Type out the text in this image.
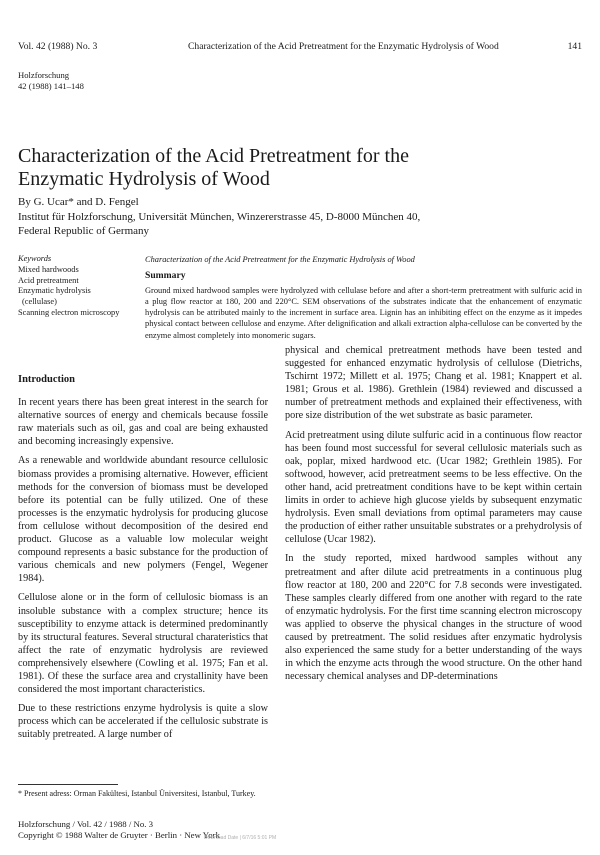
Vol. 42 (1988) No. 3	Characterization of the Acid Pretreatment for the Enzymatic Hydrolysis of Wood	141
Holzforschung
42 (1988) 141–148
Characterization of the Acid Pretreatment for the
Enzymatic Hydrolysis of Wood
By G. Ucar* and D. Fengel
Institut für Holzforschung, Universität München, Winzererstrasse 45, D-8000 München 40,
Federal Republic of Germany
Keywords
Mixed hardwoods
Acid pretreatment
Enzymatic hydrolysis
(cellulase)
Scanning electron microscopy
Characterization of the Acid Pretreatment for the Enzymatic Hydrolysis of Wood
Summary
Ground mixed hardwood samples were hydrolyzed with cellulase before and after a short-term pretreatment with sulfuric acid in a plug flow reactor at 180, 200 and 220°C. SEM observations of the substrates indicate that the enhancement of enzymatic hydrolysis can be attributed mainly to the increment in surface area. Lignin has an inhibiting effect on the enzyme as it impedes physical contact between cellulose and enzyme. After delignification and alkali extraction alpha-cellulose can be converted by the enzyme almost completely into monomeric sugars.
Introduction

In recent years there has been great interest in the search for alternative sources of energy and chemicals because fossile raw materials such as oil, gas and coal are being exhausted and becoming increasingly expensive.

As a renewable and worldwide abundant resource cellulosic biomass provides a promising alternative. However, efficient methods for the conversion of biomass must be developed before its potential can be fully utilized. One of these processes is the enzymatic hydrolysis for producing glucose from cellulose without decomposition of the desired end product. Glucose as a valuable low molecular weight compound represents a basic substance for the production of various chemicals and new polymers (Fengel, Wegener 1984).

Cellulose alone or in the form of cellulosic biomass is an insoluble substance with a complex structure; hence its susceptibility to enzyme attack is determined predominantly by its structural features. Several structural charateristics that affect the rate of enzymatic hydrolysis are reviewed comprehensively elsewhere (Cowling et al. 1975; Fan et al. 1981). Of these the surface area and crystallinity have been considered the most important characteristics.

Due to these restrictions enzyme hydrolysis is quite a slow process which can be accelerated if the cellulosic substrate is suitably pretreated. A large number of

physical and chemical pretreatment methods have been tested and suggested for enhanced enzymatic hydrolysis of cellulose (Dietrichs, Tschirnt 1972; Millett et al. 1975; Chang et al. 1981; Knappert et al. 1981; Grous et al. 1986). Grethlein (1984) reviewed and discussed a number of pretreatment methods and explained their effectiveness, with pore size distribution of the wet substrate as basic parameter.

Acid pretreatment using dilute sulfuric acid in a continuous flow reactor has been found most successful for several cellulosic materials such as oak, poplar, mixed hardwood etc. (Ucar 1982; Grethlein 1985). For softwood, however, acid pretreatment seems to be less effective. On the other hand, acid pretreatment conditions have to be kept within certain limits in order to achieve high glucose yields by subsequent enzymatic hydrolysis. Even small deviations from optimal parameters may cause the production of either rather unsuitable substrates or a prehydrolysis of cellulose (Ucar 1982).

In the study reported, mixed hardwood samples without any pretreatment and after dilute acid pretreatments in a continuous plug flow reactor at 180, 200 and 220°C for 7.8 seconds were investigated. These samples clearly differed from one another with regard to the rate of enzymatic hydrolysis. For the first time scanning electron microscopy was applied to observe the physical changes in the structure of wood caused by pretreatment. The solid residues after enzymatic hydrolysis also experienced the same study for a better understanding of the ways in which the enzyme acts through the wood structure. On the other hand necessary chemical analyses and DP-determinations

* Present adress: Orman Fakültesi, Istanbul Üniversitesi, Istanbul, Turkey.
Holzforschung / Vol. 42 / 1988 / No. 3
Copyright © 1988 Walter de Gruyter · Berlin · New York
Download Date | 6/7/16 5:01 PM
